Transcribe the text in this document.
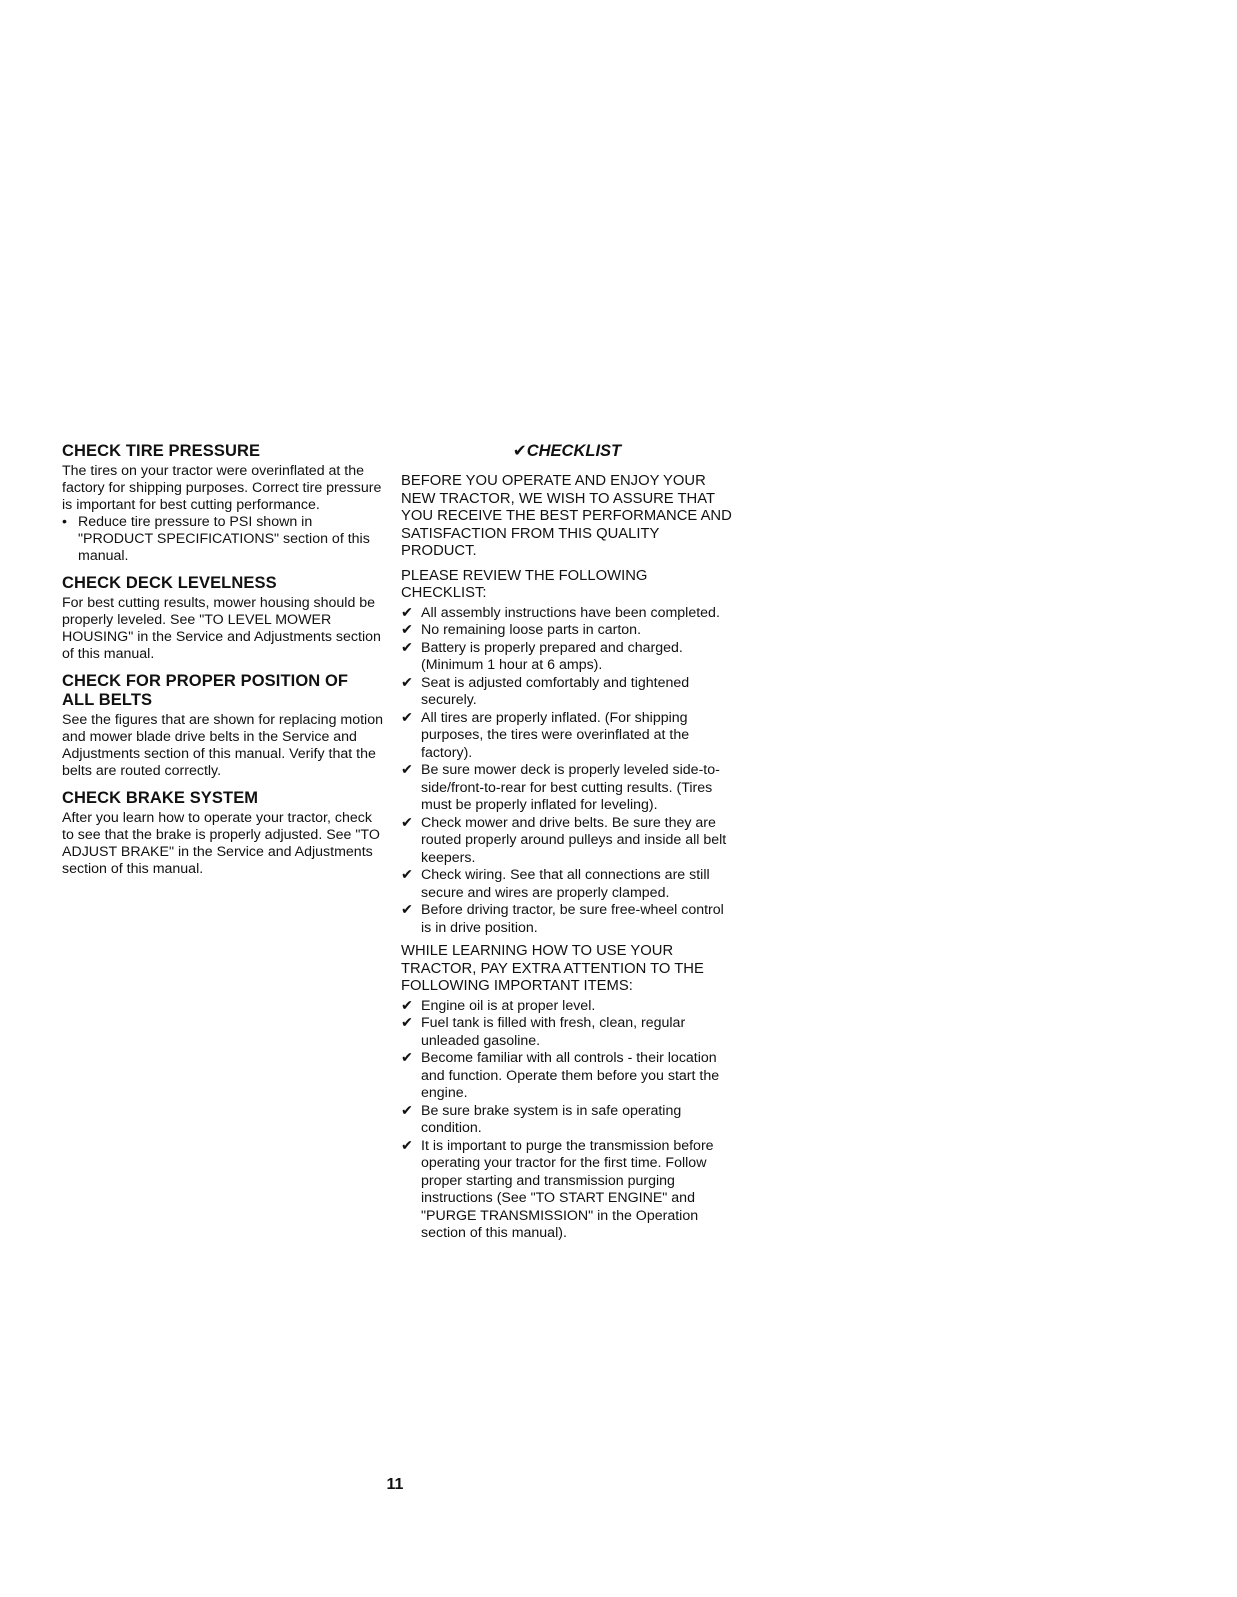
CHECK TIRE PRESSURE

The tires on your tractor were overinflated at the factory for shipping purposes. Correct tire pressure is important for best cutting performance.

• Reduce tire pressure to PSI shown in "PRODUCT SPECIFICATIONS" section of this manual.
CHECK DECK LEVELNESS

For best cutting results, mower housing should be properly leveled. See "TO LEVEL MOWER HOUSING" in the Service and Adjustments section of this manual.

CHECK FOR PROPER POSITION OF ALL BELTS

See the figures that are shown for replacing motion and mower blade drive belts in the Service and Adjustments section of this manual. Verify that the belts are routed correctly.

CHECK BRAKE SYSTEM

After you learn how to operate your tractor, check to see that the brake is properly adjusted. See "TO ADJUST BRAKE" in the Service and Adjustments section of this manual.

✔CHECKLIST

BEFORE YOU OPERATE AND ENJOY YOUR NEW TRACTOR, WE WISH TO ASSURE THAT YOU RECEIVE THE BEST PERFORMANCE AND SATISFACTION FROM THIS QUALITY PRODUCT.

PLEASE REVIEW THE FOLLOWING CHECKLIST:

✔ All assembly instructions have been completed.
✔ No remaining loose parts in carton.
✔ Battery is properly prepared and charged. (Minimum 1 hour at 6 amps).
✔ Seat is adjusted comfortably and tightened securely.
✔ All tires are properly inflated. (For shipping purposes, the tires were overinflated at the factory).
✔ Be sure mower deck is properly leveled side-to-side/front-to-rear for best cutting results. (Tires must be properly inflated for leveling).
✔ Check mower and drive belts. Be sure they are routed properly around pulleys and inside all belt keepers.
✔ Check wiring. See that all connections are still secure and wires are properly clamped.
✔ Before driving tractor, be sure free-wheel control is in drive position.

WHILE LEARNING HOW TO USE YOUR TRACTOR, PAY EXTRA ATTENTION TO THE FOLLOWING IMPORTANT ITEMS:

✔ Engine oil is at proper level.
✔ Fuel tank is filled with fresh, clean, regular unleaded gasoline.
✔ Become familiar with all controls - their location and function. Operate them before you start the engine.
✔ Be sure brake system is in safe operating condition.
✔ It is important to purge the transmission before operating your tractor for the first time. Follow proper starting and transmission purging instructions (See "TO START ENGINE" and "PURGE TRANSMISSION" in the Operation section of this manual).
11
